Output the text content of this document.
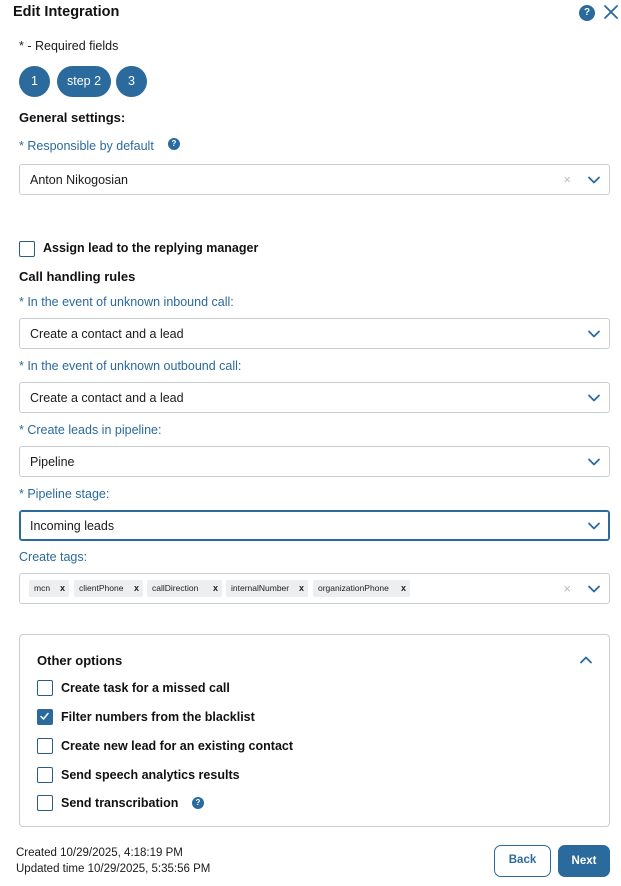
Edit Integration	?
* - Required fields
1	step 2	3
General settings:
* Responsible by default	?
Anton Nikogosian	×
Assign lead to the replying manager
Call handling rules
* In the event of unknown inbound call:
Create a contact and a lead
* In the event of unknown outbound call:
Create a contact and a lead
* Create leads in pipeline:
Pipeline
* Pipeline stage:
Incoming leads
Create tags:
mcn x	clientPhone x	callDirection x	internalNumber x	organizationPhone x	×
Other options
Create task for a missed call
Filter numbers from the blacklist
Create new lead for an existing contact
Send speech analytics results
Send transcribation	?
Created 10/29/2025, 4:18:19 PM
Updated time 10/29/2025, 5:35:56 PM
Back	Next
